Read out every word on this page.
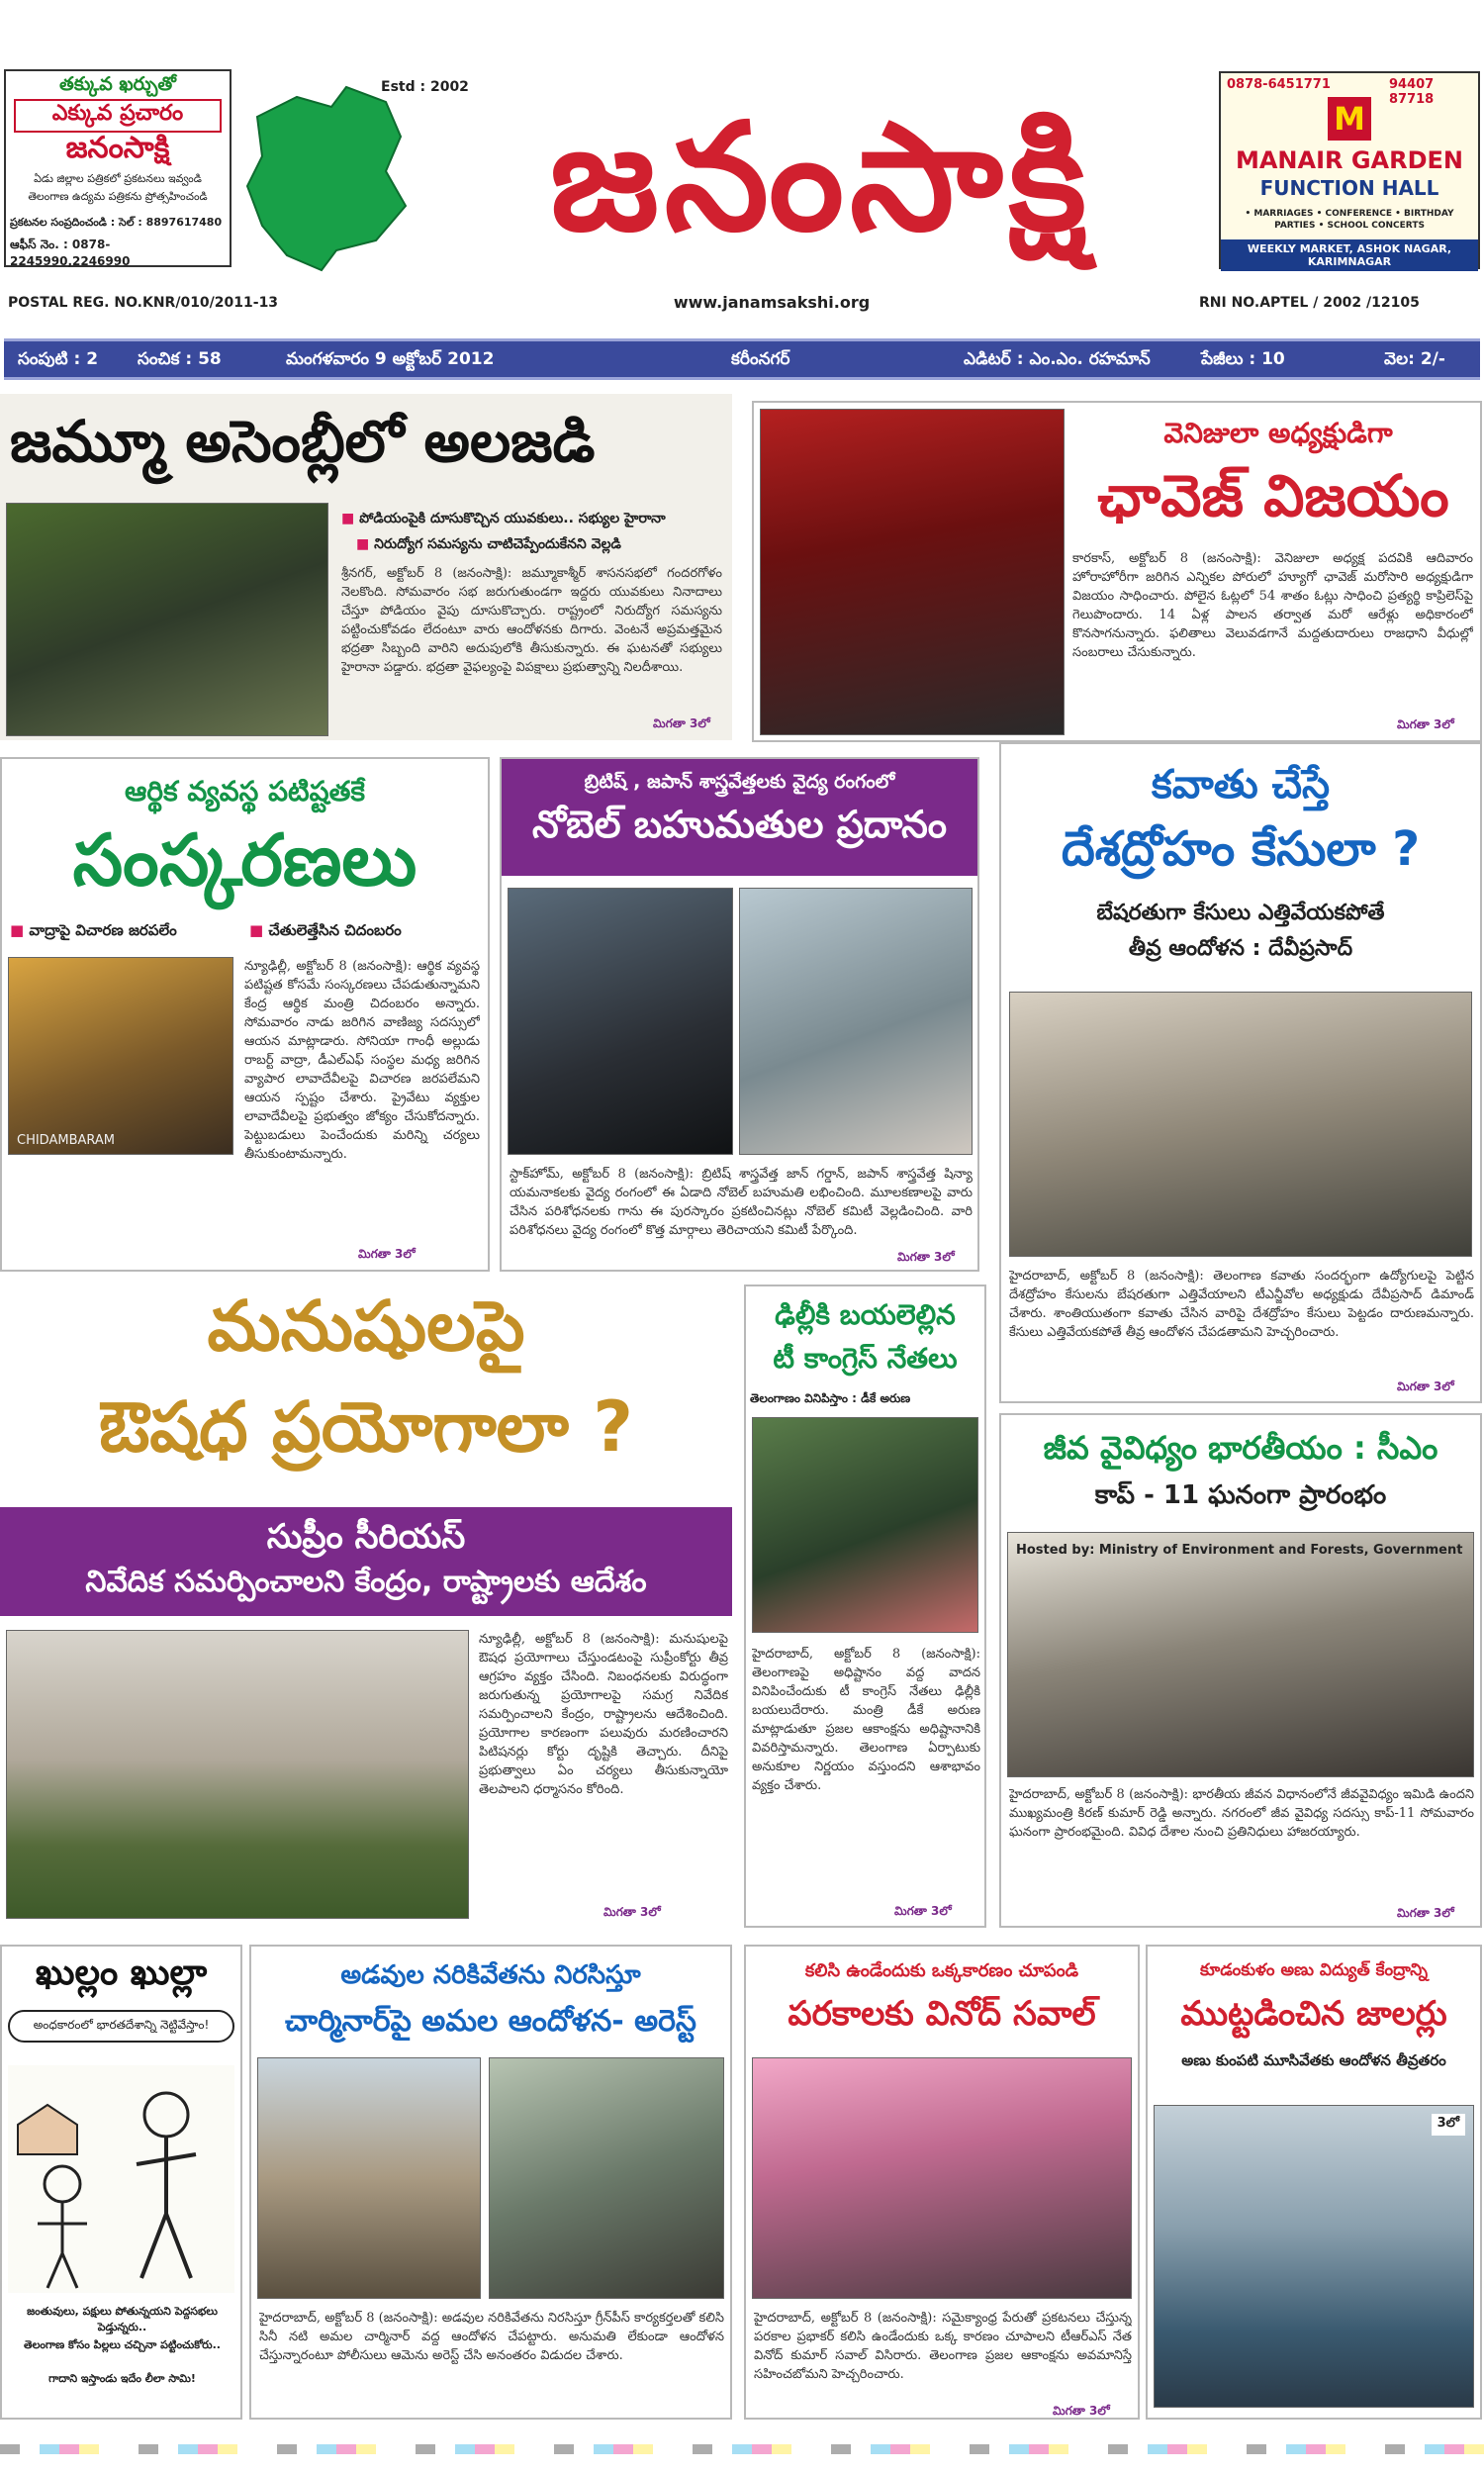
తక్కువ ఖర్చుతో
ఎక్కువ ప్రచారం
జనంసాక్షి
ఏడు జిల్లాల పత్రికలో ప్రకటనలు ఇవ్వండి
తెలంగాణ ఉద్యమ పత్రికను ప్రోత్సహించండి
ప్రకటనల సంప్రదించండి : సెల్ : 8897617480
ఆఫీస్ నెం. : 0878-2245990,2246990
Estd : 2002
జనంసాక్షి
www.janamsakshi.org
POSTAL REG. NO.KNR/010/2011-13	RNI NO.APTEL / 2002 /12105
0878-6451771	94407 87718
M
MANAIR GARDEN
FUNCTION HALL
• MARRIAGES • CONFERENCE • BIRTHDAY PARTIES • SCHOOL CONCERTS
WEEKLY MARKET, ASHOK NAGAR, KARIMNAGAR
సంపుటి : 2 సంచిక : 58	మంగళవారం 9 అక్టోబర్ 2012	కరీంనగర్	ఎడిటర్ : ఎం.ఎం. రహమాన్	పేజీలు : 10	వెల: 2/-
జమ్మూ అసెంబ్లీలో అలజడి
■ పోడియంపైకి దూసుకొచ్చిన యువకులు.. సభ్యుల హైరానా
■ నిరుద్యోగ సమస్యను చాటిచెప్పేందుకేనని వెల్లడి
శ్రీనగర్, అక్టోబర్ 8 (జనంసాక్షి): జమ్మూకాశ్మీర్ శాసనసభలో గందరగోళం నెలకొంది. సోమవారం సభ జరుగుతుండగా ఇద్దరు యువకులు నినాదాలు చేస్తూ పోడియం వైపు దూసుకొచ్చారు. రాష్ట్రంలో నిరుద్యోగ సమస్యను పట్టించుకోవడం లేదంటూ వారు ఆందోళనకు దిగారు. వెంటనే అప్రమత్తమైన భద్రతా సిబ్బంది వారిని అదుపులోకి తీసుకున్నారు. ఈ ఘటనతో సభ్యులు హైరానా పడ్డారు. భద్రతా వైఫల్యంపై విపక్షాలు ప్రభుత్వాన్ని నిలదీశాయి.
మిగతా 3లో
వెనిజులా అధ్యక్షుడిగా
ఛావెజ్ విజయం
కారకాస్, అక్టోబర్ 8 (జనంసాక్షి): వెనిజులా అధ్యక్ష పదవికి ఆదివారం హోరాహోరీగా జరిగిన ఎన్నికల పోరులో హ్యూగో ఛావెజ్ మరోసారి అధ్యక్షుడిగా విజయం సాధించారు. పోలైన ఓట్లలో 54 శాతం ఓట్లు సాధించి ప్రత్యర్థి కాప్రిలెస్‌పై గెలుపొందారు. 14 ఏళ్ల పాలన తర్వాత మరో ఆరేళ్లు అధికారంలో కొనసాగనున్నారు. ఫలితాలు వెలువడగానే మద్దతుదారులు రాజధాని వీధుల్లో సంబరాలు చేసుకున్నారు.
మిగతా 3లో
ఆర్థిక వ్యవస్థ పటిష్టతకే
సంస్కరణలు
■ వాద్రాపై విచారణ జరపలేం
■	చేతులెత్తేసిన చిదంబరం
CHIDAMBARAM
న్యూఢిల్లీ, అక్టోబర్ 8 (జనంసాక్షి): ఆర్థిక వ్యవస్థ పటిష్టత కోసమే సంస్కరణలు చేపడుతున్నామని కేంద్ర ఆర్థిక మంత్రి చిదంబరం అన్నారు. సోమవారం నాడు జరిగిన వాణిజ్య సదస్సులో ఆయన మాట్లాడారు. సోనియా గాంధీ అల్లుడు రాబర్ట్ వాద్రా, డీఎల్ఎఫ్ సంస్థల మధ్య జరిగిన వ్యాపార లావాదేవీలపై విచారణ జరపలేమని ఆయన స్పష్టం చేశారు. ప్రైవేటు వ్యక్తుల లావాదేవీలపై ప్రభుత్వం జోక్యం చేసుకోదన్నారు. పెట్టుబడులు పెంచేందుకు మరిన్ని చర్యలు తీసుకుంటామన్నారు.
మిగతా 3లో
బ్రిటిష్ , జపాన్ శాస్త్రవేత్తలకు వైద్య రంగంలో
నోబెల్ బహుమతుల ప్రదానం
స్టాక్‌హోమ్, అక్టోబర్ 8 (జనంసాక్షి): బ్రిటిష్ శాస్త్రవేత్త జాన్ గర్డాన్, జపాన్ శాస్త్రవేత్త షిన్యా యమనాకలకు వైద్య రంగంలో ఈ ఏడాది నోబెల్ బహుమతి లభించింది. మూలకణాలపై వారు చేసిన పరిశోధనలకు గాను ఈ పురస్కారం ప్రకటించినట్లు నోబెల్ కమిటీ వెల్లడించింది. వారి పరిశోధనలు వైద్య రంగంలో కొత్త మార్గాలు తెరిచాయని కమిటీ పేర్కొంది.
మిగతా 3లో
కవాతు చేస్తే
దేశద్రోహం కేసులా ?
బేషరతుగా కేసులు ఎత్తివేయకపోతే
తీవ్ర ఆందోళన : దేవీప్రసాద్
హైదరాబాద్, అక్టోబర్ 8 (జనంసాక్షి): తెలంగాణ కవాతు సందర్భంగా ఉద్యోగులపై పెట్టిన దేశద్రోహం కేసులను బేషరతుగా ఎత్తివేయాలని టీఎన్జీవోల అధ్యక్షుడు దేవీప్రసాద్ డిమాండ్ చేశారు. శాంతియుతంగా కవాతు చేసిన వారిపై దేశద్రోహం కేసులు పెట్టడం దారుణమన్నారు. కేసులు ఎత్తివేయకపోతే తీవ్ర ఆందోళన చేపడతామని హెచ్చరించారు.
మిగతా 3లో
మనుషులపై
ఔషధ ప్రయోగాలా ?
సుప్రీం సీరియస్
నివేదిక సమర్పించాలని కేంద్రం, రాష్ట్రాలకు ఆదేశం
న్యూఢిల్లీ, అక్టోబర్ 8 (జనంసాక్షి): మనుషులపై ఔషధ ప్రయోగాలు చేస్తుండటంపై సుప్రీంకోర్టు తీవ్ర ఆగ్రహం వ్యక్తం చేసింది. నిబంధనలకు విరుద్ధంగా జరుగుతున్న ప్రయోగాలపై సమగ్ర నివేదిక సమర్పించాలని కేంద్రం, రాష్ట్రాలను ఆదేశించింది. ప్రయోగాల కారణంగా పలువురు మరణించారని పిటిషనర్లు కోర్టు దృష్టికి తెచ్చారు. దీనిపై ప్రభుత్వాలు ఏం చర్యలు తీసుకున్నాయో తెలపాలని ధర్మాసనం కోరింది.
మిగతా 3లో
ఢిల్లీకి బయలెల్లిన
టీ కాంగ్రెస్ నేతలు
తెలంగాణం వినిపిస్తాం : డీకే అరుణ
హైదరాబాద్, అక్టోబర్ 8 (జనంసాక్షి): తెలంగాణపై అధిష్టానం వద్ద వాదన వినిపించేందుకు టీ కాంగ్రెస్ నేతలు ఢిల్లీకి బయలుదేరారు. మంత్రి డీకే అరుణ మాట్లాడుతూ ప్రజల ఆకాంక్షను అధిష్టానానికి వివరిస్తామన్నారు. తెలంగాణ ఏర్పాటుకు అనుకూల నిర్ణయం వస్తుందని ఆశాభావం వ్యక్తం చేశారు.
మిగతా 3లో
జీవ వైవిధ్యం భారతీయం : సీఎం
కాప్ - 11 ఘనంగా ప్రారంభం
Hosted by: Ministry of Environment and Forests, Government
హైదరాబాద్, అక్టోబర్ 8 (జనంసాక్షి): భారతీయ జీవన విధానంలోనే జీవవైవిధ్యం ఇమిడి ఉందని ముఖ్యమంత్రి కిరణ్ కుమార్ రెడ్డి అన్నారు. నగరంలో జీవ వైవిధ్య సదస్సు కాప్-11 సోమవారం ఘనంగా ప్రారంభమైంది. వివిధ దేశాల నుంచి ప్రతినిధులు హాజరయ్యారు.
మిగతా 3లో
ఖుల్లం ఖుల్లా
అంధకారంలో భారతదేశాన్ని నెట్టివేస్తాం!
జంతువులు, పక్షులు పోతున్నయని పెద్దసభలు పెడ్తున్నరు..
తెలంగాణ కోసం పిల్లలు చచ్చినా పట్టించుకోరు..
గాదాని ఇస్తాండు ఇదేం లీలా సామి!
అడవుల నరికివేతను నిరసిస్తూ
చార్మినార్‌పై అమల ఆందోళన- అరెస్ట్
హైదరాబాద్, అక్టోబర్ 8 (జనంసాక్షి): అడవుల నరికివేతను నిరసిస్తూ గ్రీన్‌పీస్ కార్యకర్తలతో కలిసి సినీ నటి అమల చార్మినార్ వద్ద ఆందోళన చేపట్టారు. అనుమతి లేకుండా ఆందోళన చేస్తున్నారంటూ పోలీసులు ఆమెను అరెస్ట్ చేసి అనంతరం విడుదల చేశారు.
కలిసి ఉండేందుకు ఒక్కకారణం చూపండి
పరకాలకు వినోద్ సవాల్
హైదరాబాద్, అక్టోబర్ 8 (జనంసాక్షి): సమైక్యాంధ్ర పేరుతో ప్రకటనలు చేస్తున్న పరకాల ప్రభాకర్ కలిసి ఉండేందుకు ఒక్క కారణం చూపాలని టీఆర్ఎస్ నేత వినోద్ కుమార్ సవాల్ విసిరారు. తెలంగాణ ప్రజల ఆకాంక్షను అవమానిస్తే సహించబోమని హెచ్చరించారు.
మిగతా 3లో
కూడంకుళం అణు విద్యుత్ కేంద్రాన్ని
ముట్టడించిన జాలర్లు
అణు కుంపటి మూసివేతకు ఆందోళన తీవ్రతరం
3లో
